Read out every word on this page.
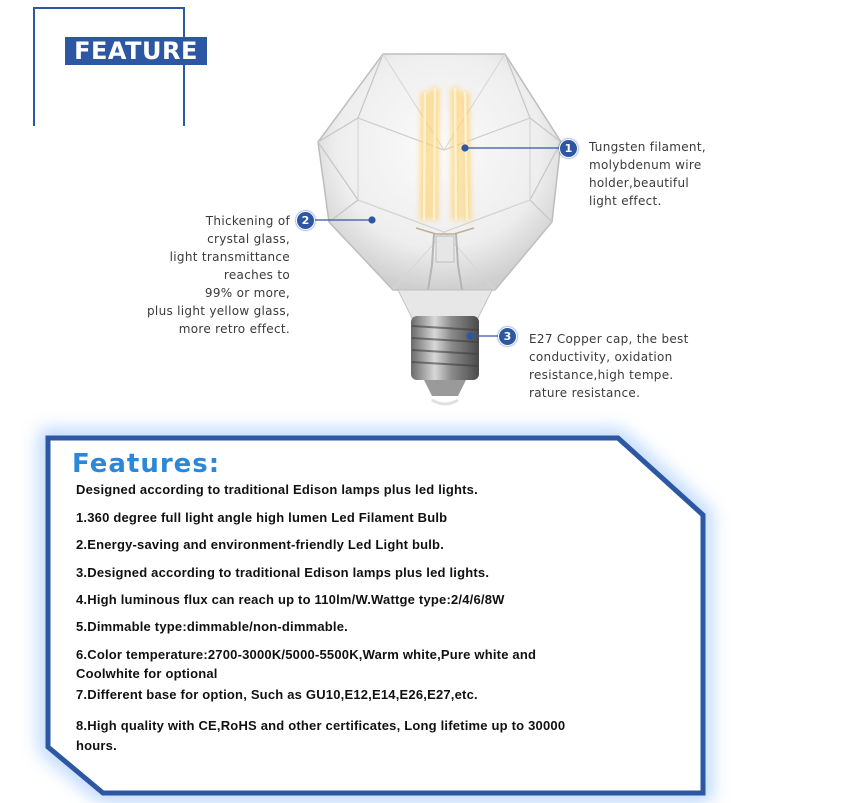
FEATURE
1
2
3
Tungsten filament,
molybdenum wire
holder,beautiful
light effect.
Thickening of
crystal glass,
light transmittance
reaches to
99% or more,
plus light yellow glass,
more retro effect.
E27 Copper cap, the best
conductivity, oxidation
resistance,high tempe.
rature resistance.
Features:
Designed according to traditional Edison lamps plus led lights.
1.360 degree full light angle high lumen Led Filament Bulb
2.Energy-saving and environment-friendly Led Light bulb.
3.Designed according to traditional Edison lamps plus led lights.
4.High luminous flux can reach up to 110lm/W.Wattge type:2/4/6/8W
5.Dimmable type:dimmable/non-dimmable.
6.Color temperature:2700-3000K/5000-5500K,Warm white,Pure white and
Coolwhite for optional
7.Different base for option, Such as GU10,E12,E14,E26,E27,etc.
8.High quality with CE,RoHS and other certificates, Long lifetime up to 30000
hours.
